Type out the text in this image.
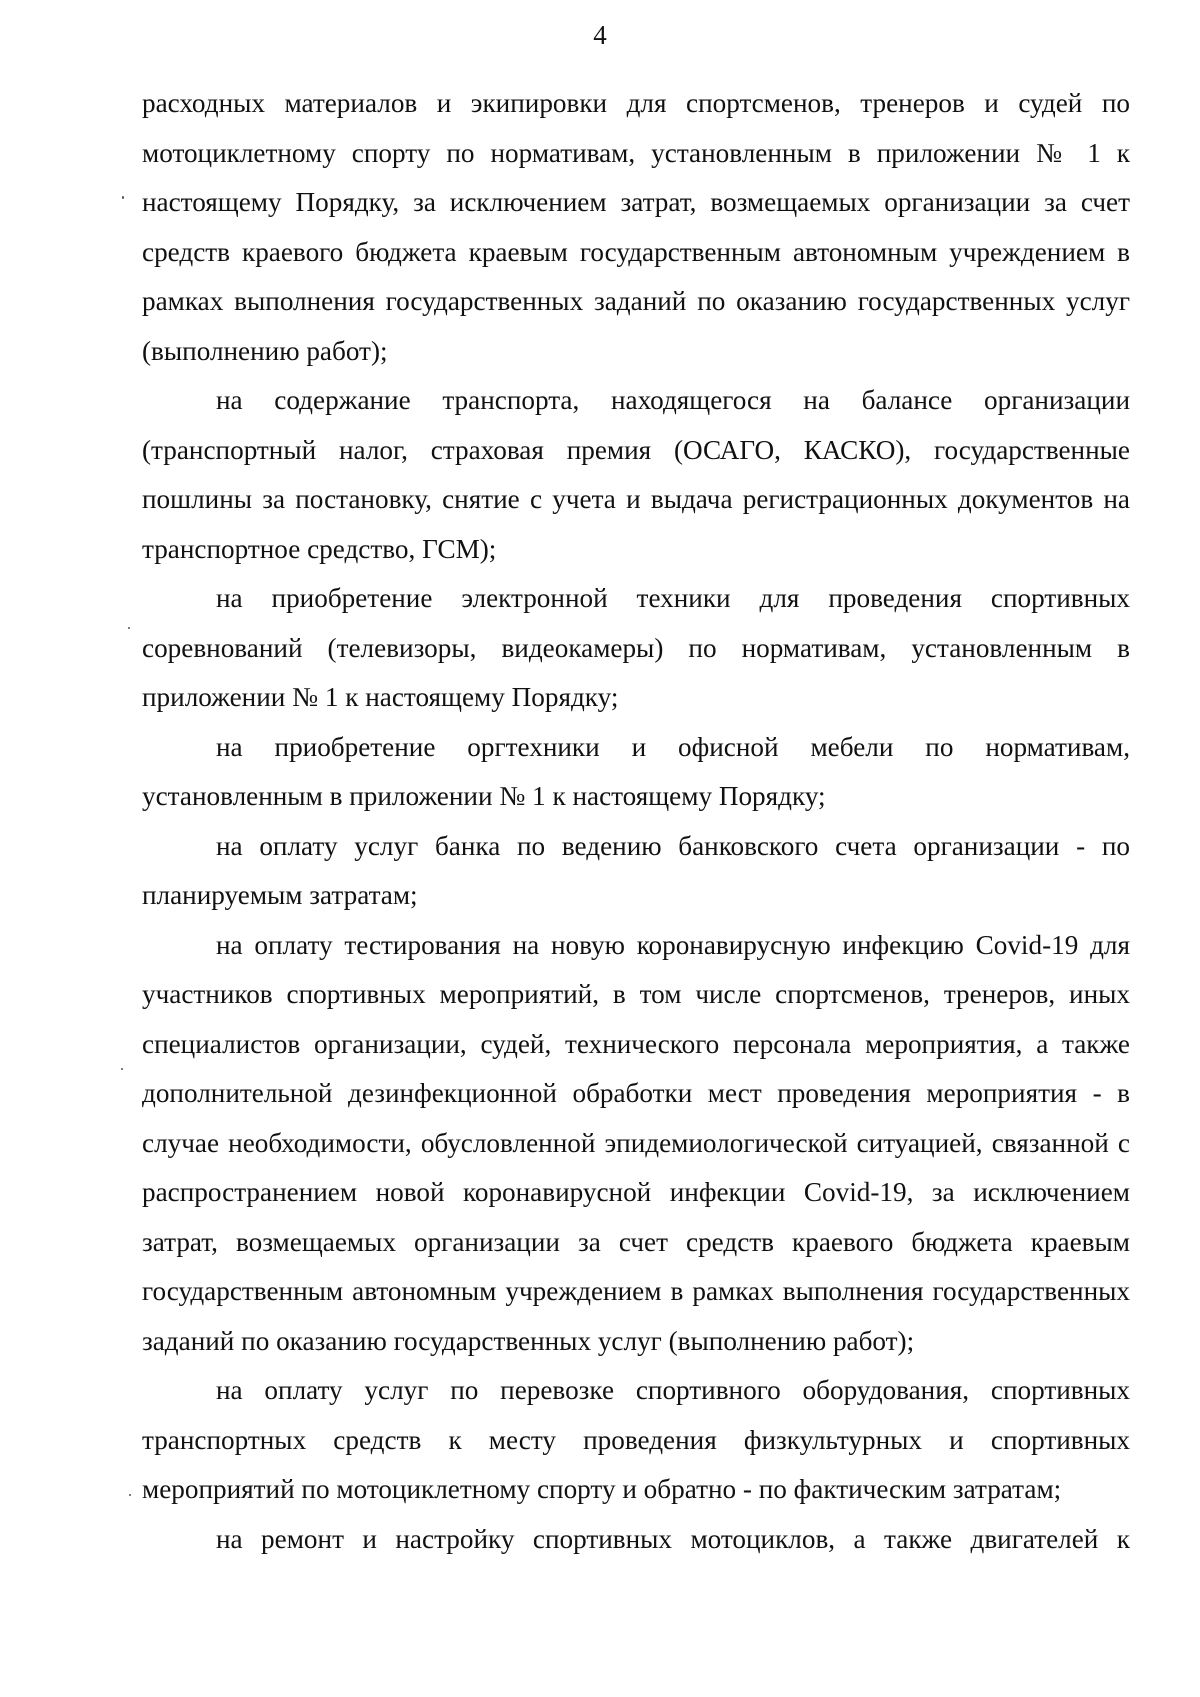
4

расходных материалов и экипировки для спортсменов, тренеров и судей по мотоциклетному спорту по нормативам, установленным в приложении № 1 к настоящему Порядку, за исключением затрат, возмещаемых организации за счет средств краевого бюджета краевым государственным автономным учреждением в рамках выполнения государственных заданий по оказанию государственных услуг (выполнению работ);

на содержание транспорта, находящегося на балансе организации (транспортный налог, страховая премия (ОСАГО, КАСКО), государственные пошлины за постановку, снятие с учета и выдача регистрационных документов на транспортное средство, ГСМ);

на приобретение электронной техники для проведения спортивных соревнований (телевизоры, видеокамеры) по нормативам, установленным в приложении № 1 к настоящему Порядку;

на приобретение оргтехники и офисной мебели по нормативам, установленным в приложении № 1 к настоящему Порядку;

на оплату услуг банка по ведению банковского счета организации - по планируемым затратам;

на оплату тестирования на новую коронавирусную инфекцию Covid-19 для участников спортивных мероприятий, в том числе спортсменов, тренеров, иных специалистов организации, судей, технического персонала мероприятия, а также дополнительной дезинфекционной обработки мест проведения мероприятия - в случае необходимости, обусловленной эпидемиологической ситуацией, связанной с распространением новой коронавирусной инфекции Covid-19, за исключением затрат, возмещаемых организации за счет средств краевого бюджета краевым государственным автономным учреждением в рамках выполнения государственных заданий по оказанию государственных услуг (выполнению работ);

на оплату услуг по перевозке спортивного оборудования, спортивных транспортных средств к месту проведения физкультурных и спортивных мероприятий по мотоциклетному спорту и обратно - по фактическим затратам;

на ремонт и настройку спортивных мотоциклов, а также двигателей к
